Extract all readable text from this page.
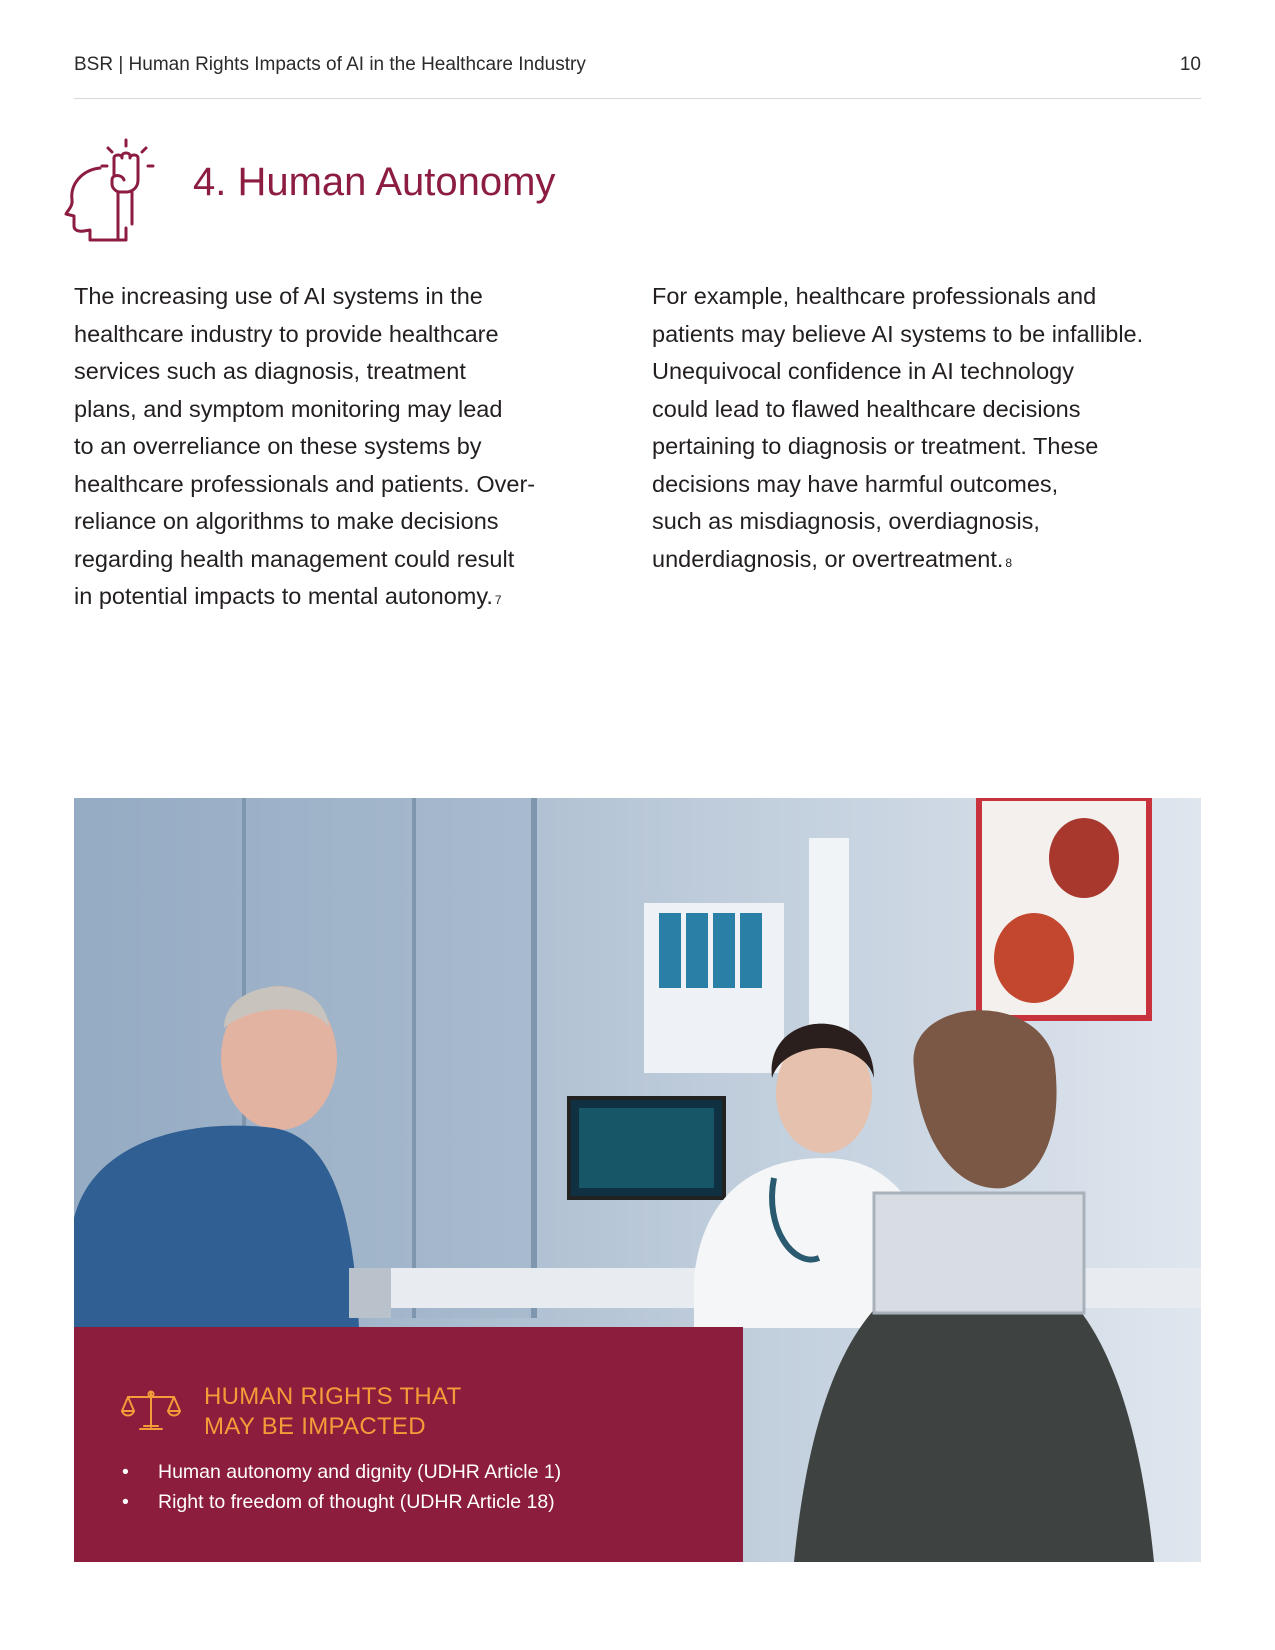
BSR | Human Rights Impacts of AI in the Healthcare Industry	10
4. Human Autonomy
The increasing use of AI systems in the
healthcare industry to provide healthcare
services such as diagnosis, treatment
plans, and symptom monitoring may lead
to an overreliance on these systems by
healthcare professionals and patients. Over-
reliance on algorithms to make decisions
regarding health management could result
in potential impacts to mental autonomy. $^7$
For example, healthcare professionals and
patients may believe AI systems to be infallible.
Unequivocal confidence in AI technology
could lead to flawed healthcare decisions
pertaining to diagnosis or treatment. These
decisions may have harmful outcomes,
such as misdiagnosis, overdiagnosis,
underdiagnosis, or overtreatment. $^8$
HUMAN RIGHTS THAT
MAY BE IMPACTED
• Human autonomy and dignity (UDHR Article 1)
• Right to freedom of thought (UDHR Article 18)
